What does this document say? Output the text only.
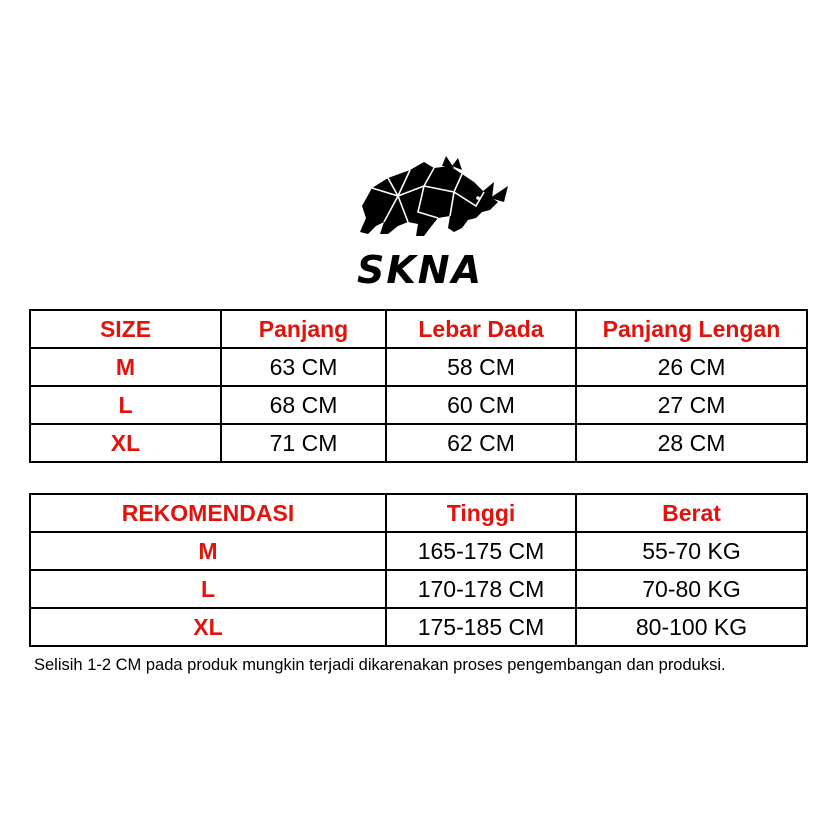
SKNA
SIZE	Panjang	Lebar Dada	Panjang Lengan
M	63 CM	58 CM	26 CM
L	68 CM	60 CM	27 CM
XL	71 CM	62 CM	28 CM
REKOMENDASI	Tinggi	Berat
M	165-175 CM	55-70 KG
L	170-178 CM	70-80 KG
XL	175-185 CM	80-100 KG
Selisih 1-2 CM pada produk mungkin terjadi dikarenakan proses pengembangan dan produksi.
